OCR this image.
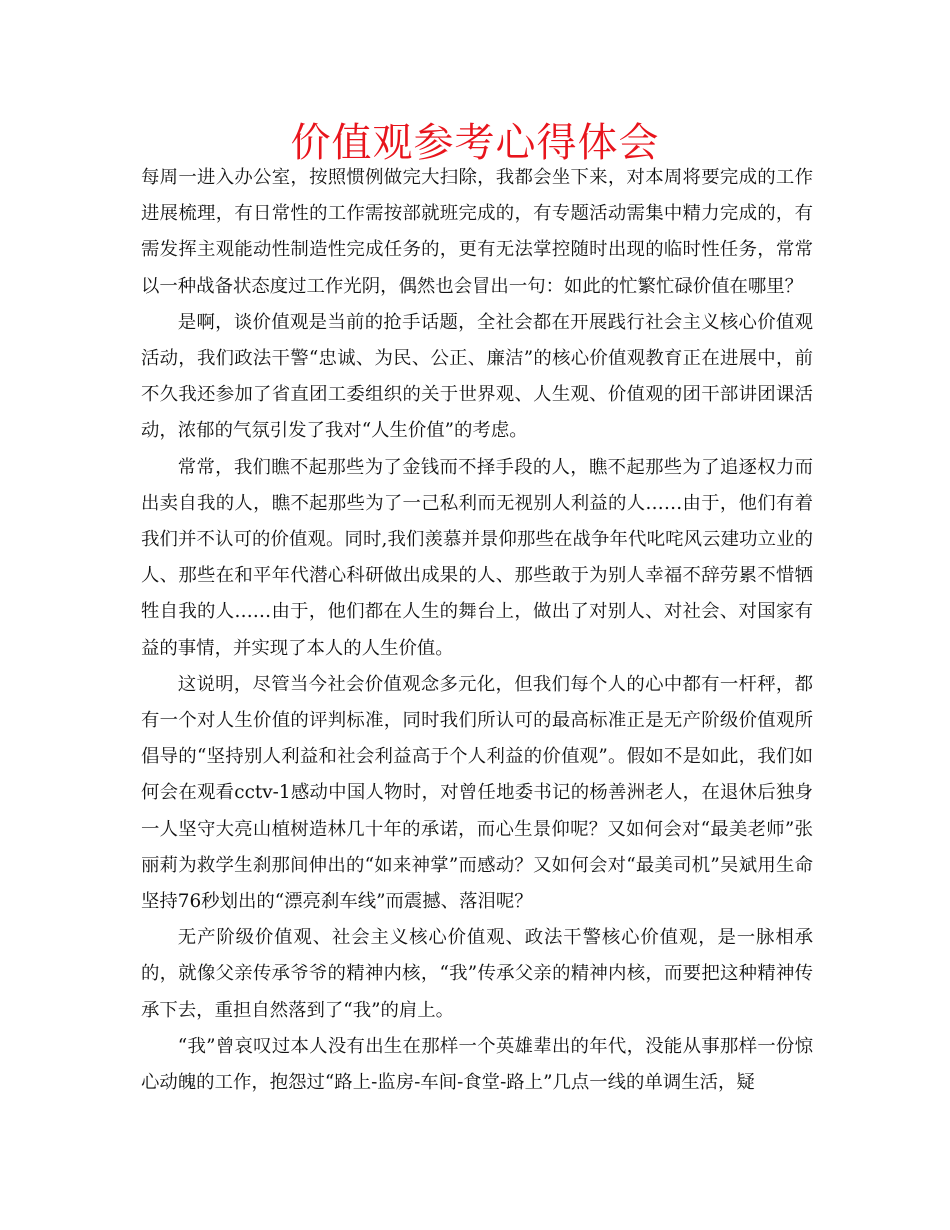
价值观参考心得体会

每周一进入办公室，按照惯例做完大扫除，我都会坐下来，对本周将要完成的工作进展梳理，有日常性的工作需按部就班完成的，有专题活动需集中精力完成的，有需发挥主观能动性制造性完成任务的，更有无法掌控随时出现的临时性任务，常常以一种战备状态度过工作光阴，偶然也会冒出一句：如此的忙繁忙碌价值在哪里？

是啊，谈价值观是当前的抢手话题，全社会都在开展践行社会主义核心价值观活动，我们政法干警“忠诚、为民、公正、廉洁”的核心价值观教育正在进展中，前不久我还参加了省直团工委组织的关于世界观、人生观、价值观的团干部讲团课活动，浓郁的气氛引发了我对“人生价值”的考虑。

常常，我们瞧不起那些为了金钱而不择手段的人，瞧不起那些为了追逐权力而出卖自我的人，瞧不起那些为了一己私利而无视别人利益的人……由于，他们有着我们并不认可的价值观。同时,我们羡慕并景仰那些在战争年代叱咤风云建功立业的人、那些在和平年代潜心科研做出成果的人、那些敢于为别人幸福不辞劳累不惜牺牲自我的人……由于，他们都在人生的舞台上，做出了对别人、对社会、对国家有益的事情，并实现了本人的人生价值。

这说明，尽管当今社会价值观念多元化，但我们每个人的心中都有一杆秤，都有一个对人生价值的评判标准，同时我们所认可的最高标准正是无产阶级价值观所倡导的“坚持别人利益和社会利益高于个人利益的价值观”。假如不是如此，我们如何会在观看cctv-1感动中国人物时，对曾任地委书记的杨善洲老人，在退休后独身一人坚守大亮山植树造林几十年的承诺，而心生景仰呢？又如何会对“最美老师”张丽莉为救学生刹那间伸出的“如来神掌”而感动？又如何会对“最美司机”吴斌用生命坚持76秒划出的“漂亮刹车线”而震撼、落泪呢？

无产阶级价值观、社会主义核心价值观、政法干警核心价值观，是一脉相承的，就像父亲传承爷爷的精神内核，“我”传承父亲的精神内核，而要把这种精神传承下去，重担自然落到了“我”的肩上。

“我”曾哀叹过本人没有出生在那样一个英雄辈出的年代，没能从事那样一份惊心动魄的工作，抱怨过“路上-监房-车间-食堂-路上”几点一线的单调生活，疑
